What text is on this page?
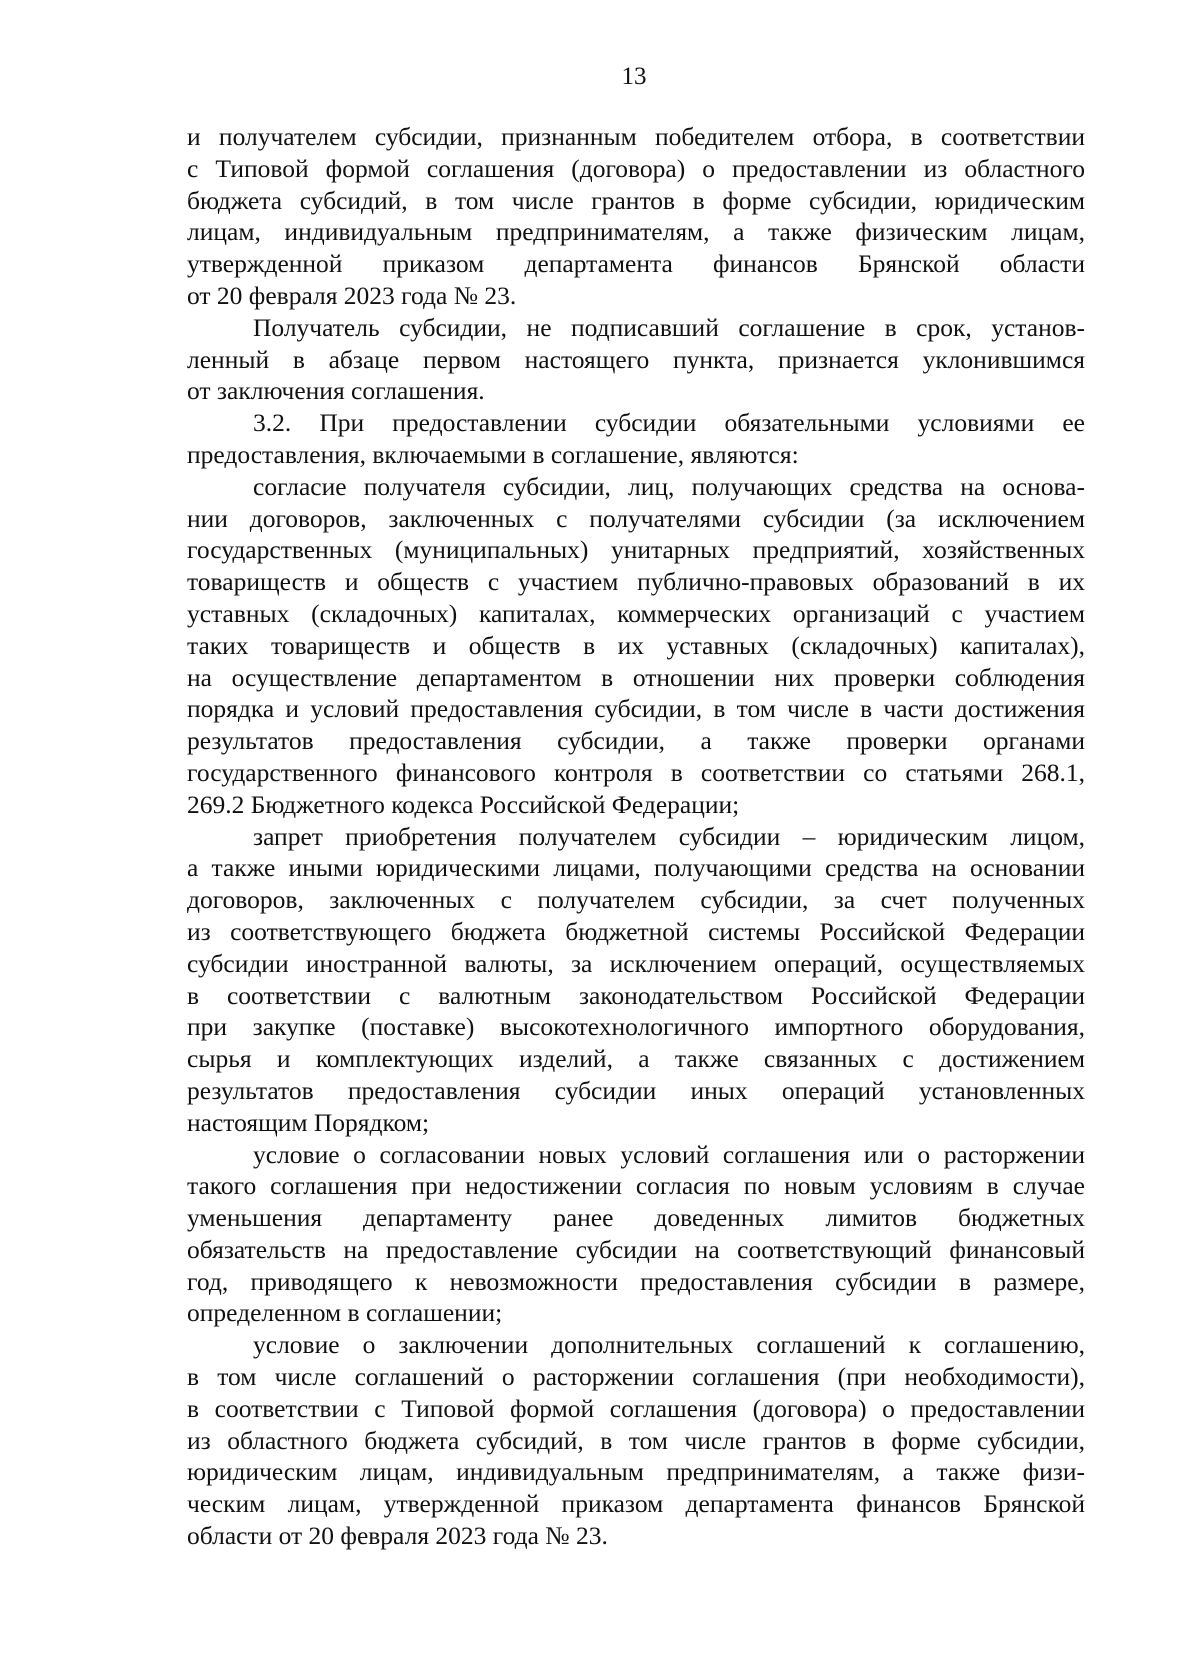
13
и получателем субсидии, признанным победителем отбора, в соответствии
с Типовой формой соглашения (договора) о предоставлении из областного
бюджета субсидий, в том числе грантов в форме субсидии, юридическим
лицам, индивидуальным предпринимателям, а также физическим лицам,
утвержденной приказом департамента финансов Брянской области
от 20 февраля 2023 года № 23.
Получатель субсидии, не подписавший соглашение в срок, установ-
ленный в абзаце первом настоящего пункта, признается уклонившимся
от заключения соглашения.
3.2. При предоставлении субсидии обязательными условиями ее
предоставления, включаемыми в соглашение, являются:
согласие получателя субсидии, лиц, получающих средства на основа-
нии договоров, заключенных с получателями субсидии (за исключением
государственных (муниципальных) унитарных предприятий, хозяйственных
товариществ и обществ с участием публично-правовых образований в их
уставных (складочных) капиталах, коммерческих организаций с участием
таких товариществ и обществ в их уставных (складочных) капиталах),
на осуществление департаментом в отношении них проверки соблюдения
порядка и условий предоставления субсидии, в том числе в части достижения
результатов предоставления субсидии, а также проверки органами
государственного финансового контроля в соответствии со статьями 268.1,
269.2 Бюджетного кодекса Российской Федерации;
запрет приобретения получателем субсидии – юридическим лицом,
а также иными юридическими лицами, получающими средства на основании
договоров, заключенных с получателем субсидии, за счет полученных
из соответствующего бюджета бюджетной системы Российской Федерации
субсидии иностранной валюты, за исключением операций, осуществляемых
в соответствии с валютным законодательством Российской Федерации
при закупке (поставке) высокотехнологичного импортного оборудования,
сырья и комплектующих изделий, а также связанных с достижением
результатов предоставления субсидии иных операций установленных
настоящим Порядком;
условие о согласовании новых условий соглашения или о расторжении
такого соглашения при недостижении согласия по новым условиям в случае
уменьшения департаменту ранее доведенных лимитов бюджетных
обязательств на предоставление субсидии на соответствующий финансовый
год, приводящего к невозможности предоставления субсидии в размере,
определенном в соглашении;
условие о заключении дополнительных соглашений к соглашению,
в том числе соглашений о расторжении соглашения (при необходимости),
в соответствии с Типовой формой соглашения (договора) о предоставлении
из областного бюджета субсидий, в том числе грантов в форме субсидии,
юридическим лицам, индивидуальным предпринимателям, а также физи-
ческим лицам, утвержденной приказом департамента финансов Брянской
области от 20 февраля 2023 года № 23.
